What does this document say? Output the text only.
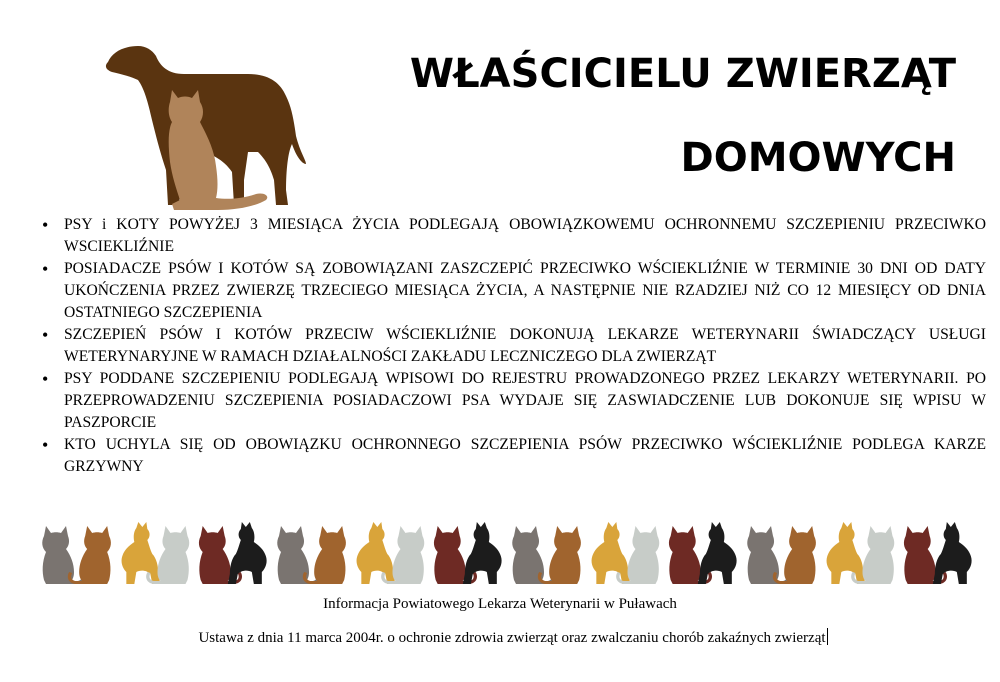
WŁAŚCICIELU ZWIERZĄT
DOMOWYCH
• PSY i KOTY POWYŻEJ 3 MIESIĄCA ŻYCIA PODLEGAJĄ OBOWIĄZKOWEMU OCHRONNEMU SZCZEPIENIU PRZECIWKO WSCIEKLIŹNIE
• POSIADACZE PSÓW I KOTÓW SĄ ZOBOWIĄZANI ZASZCZEPIĆ PRZECIWKO WŚCIEKLIŹNIE W TERMINIE 30 DNI OD DATY UKOŃCZENIA PRZEZ ZWIERZĘ TRZECIEGO MIESIĄCA ŻYCIA, A NASTĘPNIE NIE RZADZIEJ NIŻ CO 12 MIESIĘCY OD DNIA OSTATNIEGO SZCZEPIENIA
• SZCZEPIEŃ PSÓW I KOTÓW PRZECIW WŚCIEKLIŹNIE DOKONUJĄ LEKARZE WETERYNARII ŚWIADCZĄCY USŁUGI WETERYNARYJNE W RAMACH DZIAŁALNOŚCI ZAKŁADU LECZNICZEGO DLA ZWIERZĄT
• PSY PODDANE SZCZEPIENIU PODLEGAJĄ WPISOWI DO REJESTRU PROWADZONEGO PRZEZ LEKARZY WETERYNARII. PO PRZEPROWADZENIU SZCZEPIENIA POSIADACZOWI PSA WYDAJE SIĘ ZASWIADCZENIE LUB DOKONUJE SIĘ WPISU W PASZPORCIE
• KTO UCHYLA SIĘ OD OBOWIĄZKU OCHRONNEGO SZCZEPIENIA PSÓW PRZECIWKO WŚCIEKLIŹNIE PODLEGA KARZE GRZYWNY
Informacja Powiatowego Lekarza Weterynarii w Puławach
Ustawa z dnia 11 marca 2004r. o ochronie zdrowia zwierząt oraz zwalczaniu chorób zakaźnych zwierząt
